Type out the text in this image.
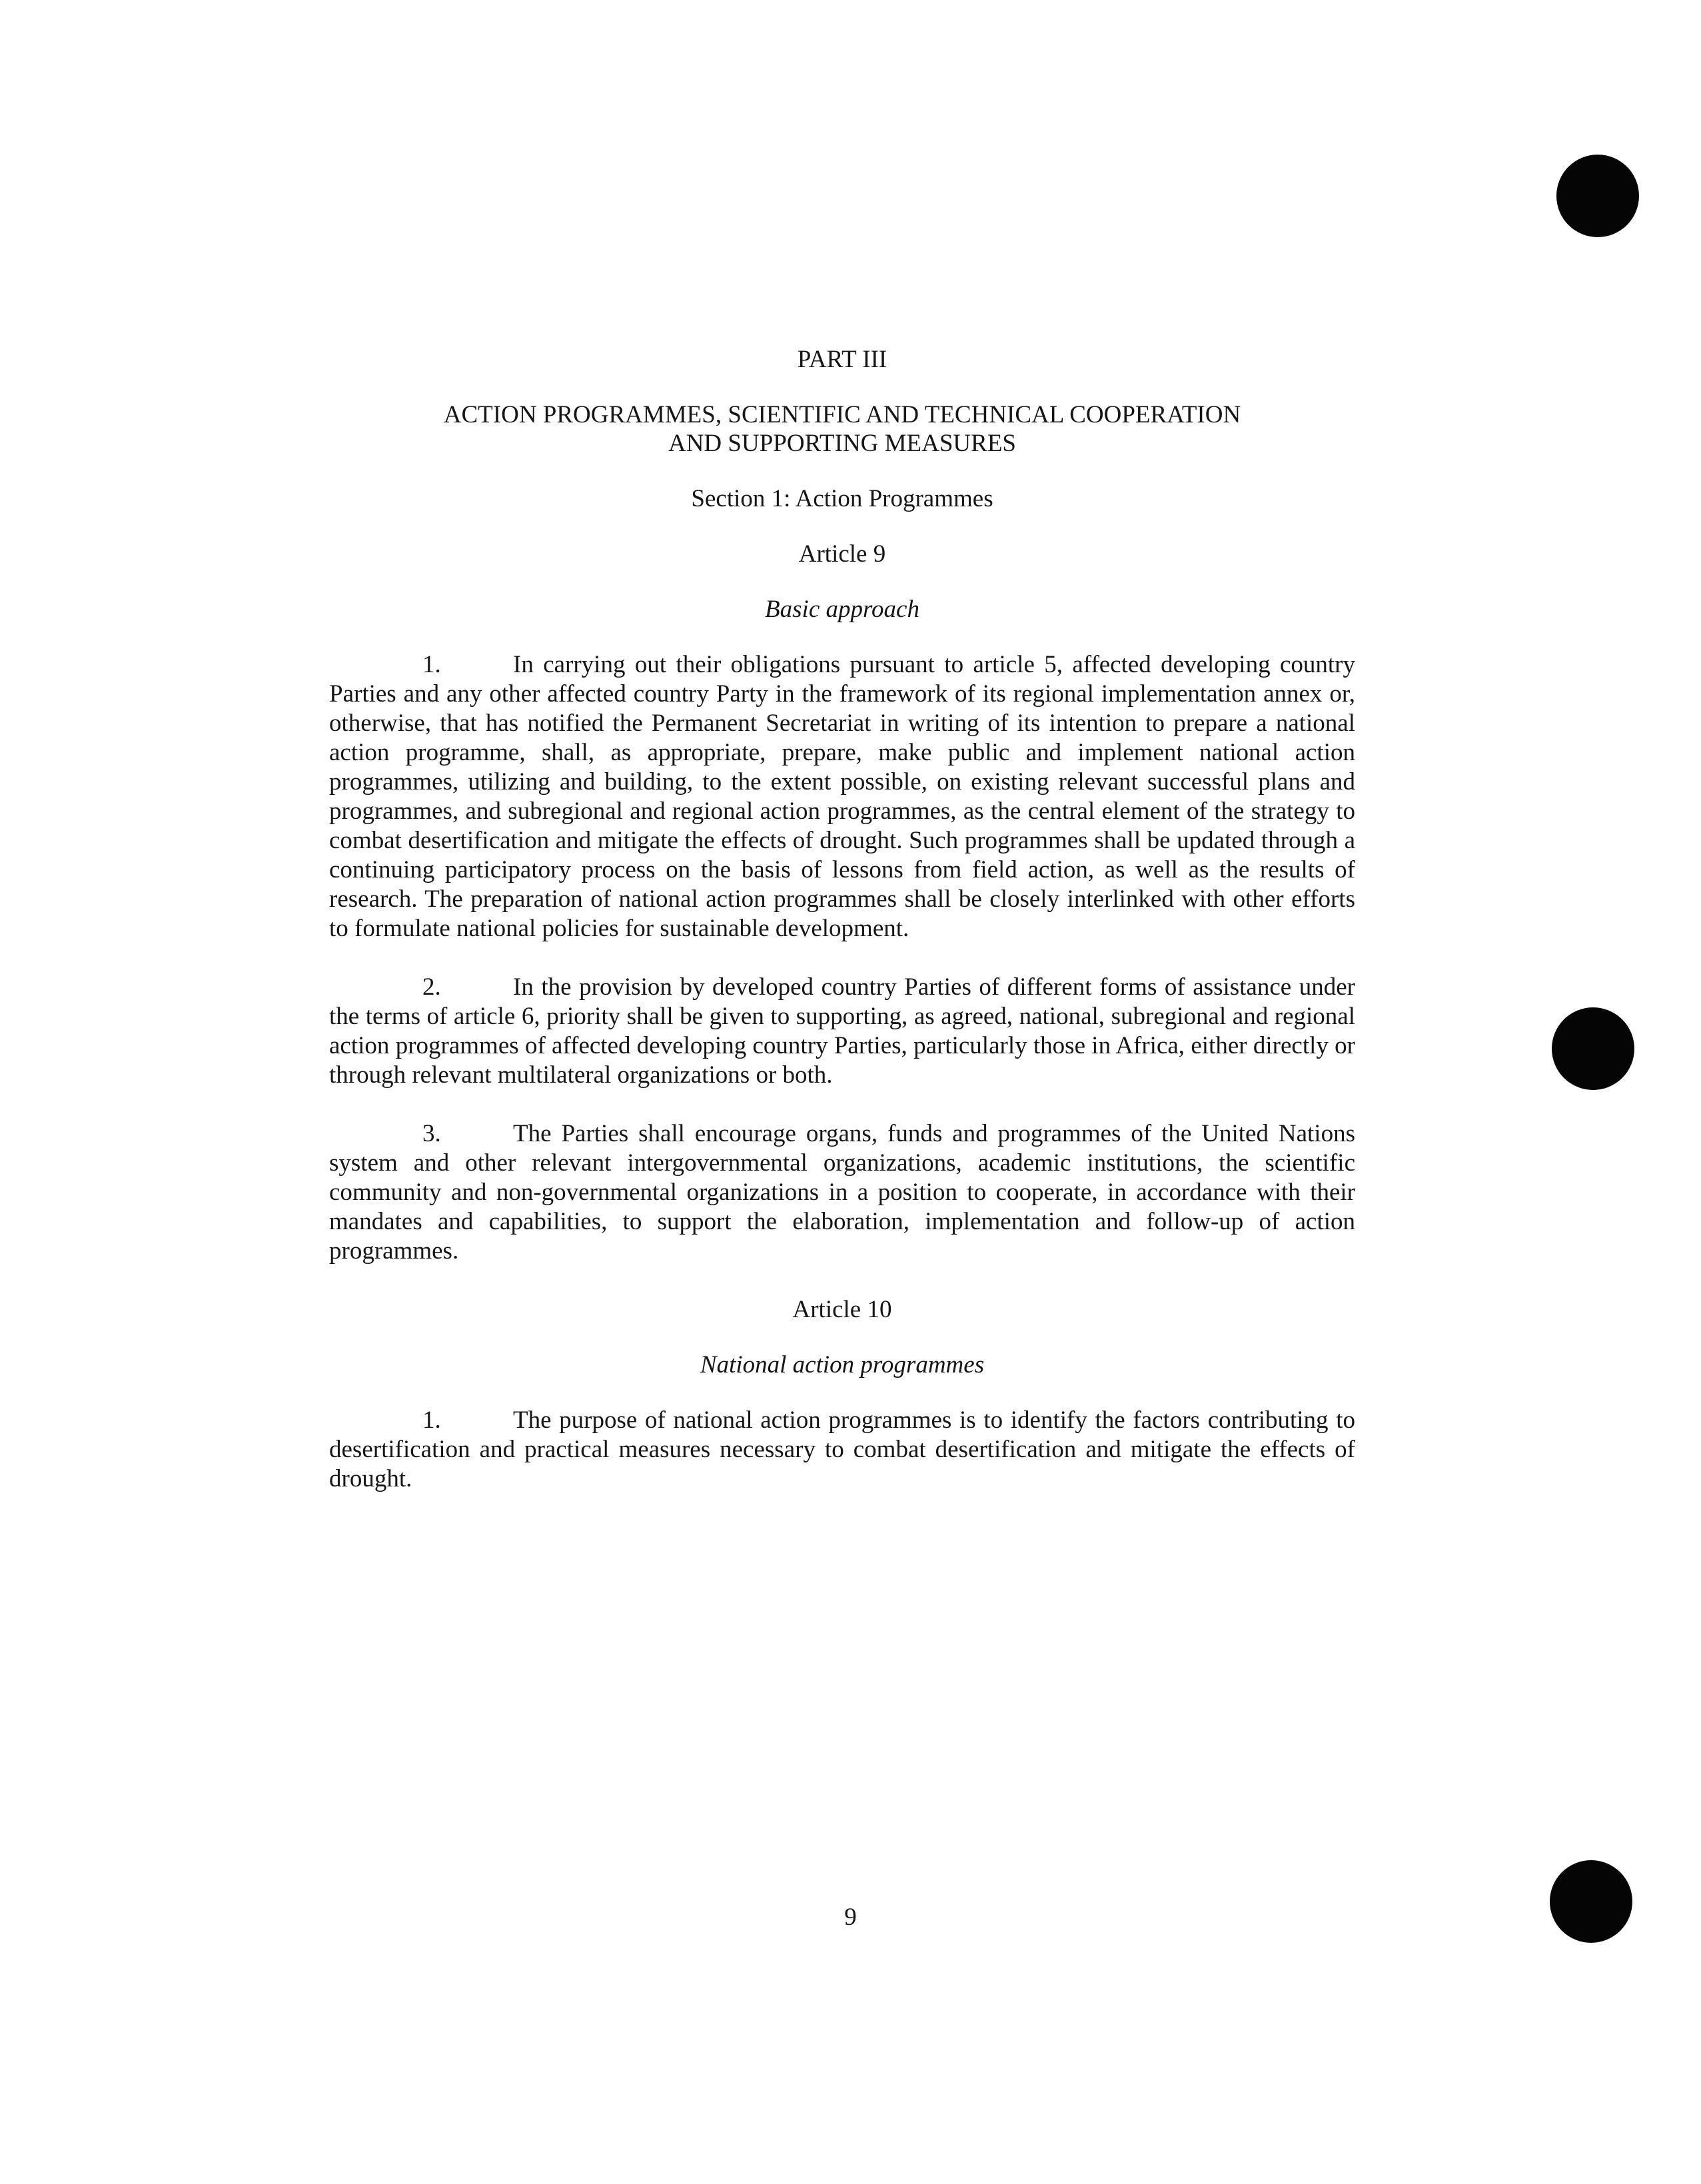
PART III

ACTION PROGRAMMES, SCIENTIFIC AND TECHNICAL COOPERATION
AND SUPPORTING MEASURES

Section 1: Action Programmes

Article 9

Basic approach

1.	In carrying out their obligations pursuant to article 5, affected developing country Parties and any other affected country Party in the framework of its regional implementation annex or, otherwise, that has notified the Permanent Secretariat in writing of its intention to prepare a national action programme, shall, as appropriate, prepare, make public and implement national action programmes, utilizing and building, to the extent possible, on existing relevant successful plans and programmes, and subregional and regional action programmes, as the central element of the strategy to combat desertification and mitigate the effects of drought. Such programmes shall be updated through a continuing participatory process on the basis of lessons from field action, as well as the results of research. The preparation of national action programmes shall be closely interlinked with other efforts to formulate national policies for sustainable development.

2.	In the provision by developed country Parties of different forms of assistance under the terms of article 6, priority shall be given to supporting, as agreed, national, subregional and regional action programmes of affected developing country Parties, particularly those in Africa, either directly or through relevant multilateral organizations or both.

3.	The Parties shall encourage organs, funds and programmes of the United Nations system and other relevant intergovernmental organizations, academic institutions, the scientific community and non-governmental organizations in a position to cooperate, in accordance with their mandates and capabilities, to support the elaboration, implementation and follow-up of action programmes.

Article 10

National action programmes

1.	The purpose of national action programmes is to identify the factors contributing to desertification and practical measures necessary to combat desertification and mitigate the effects of drought.

9
